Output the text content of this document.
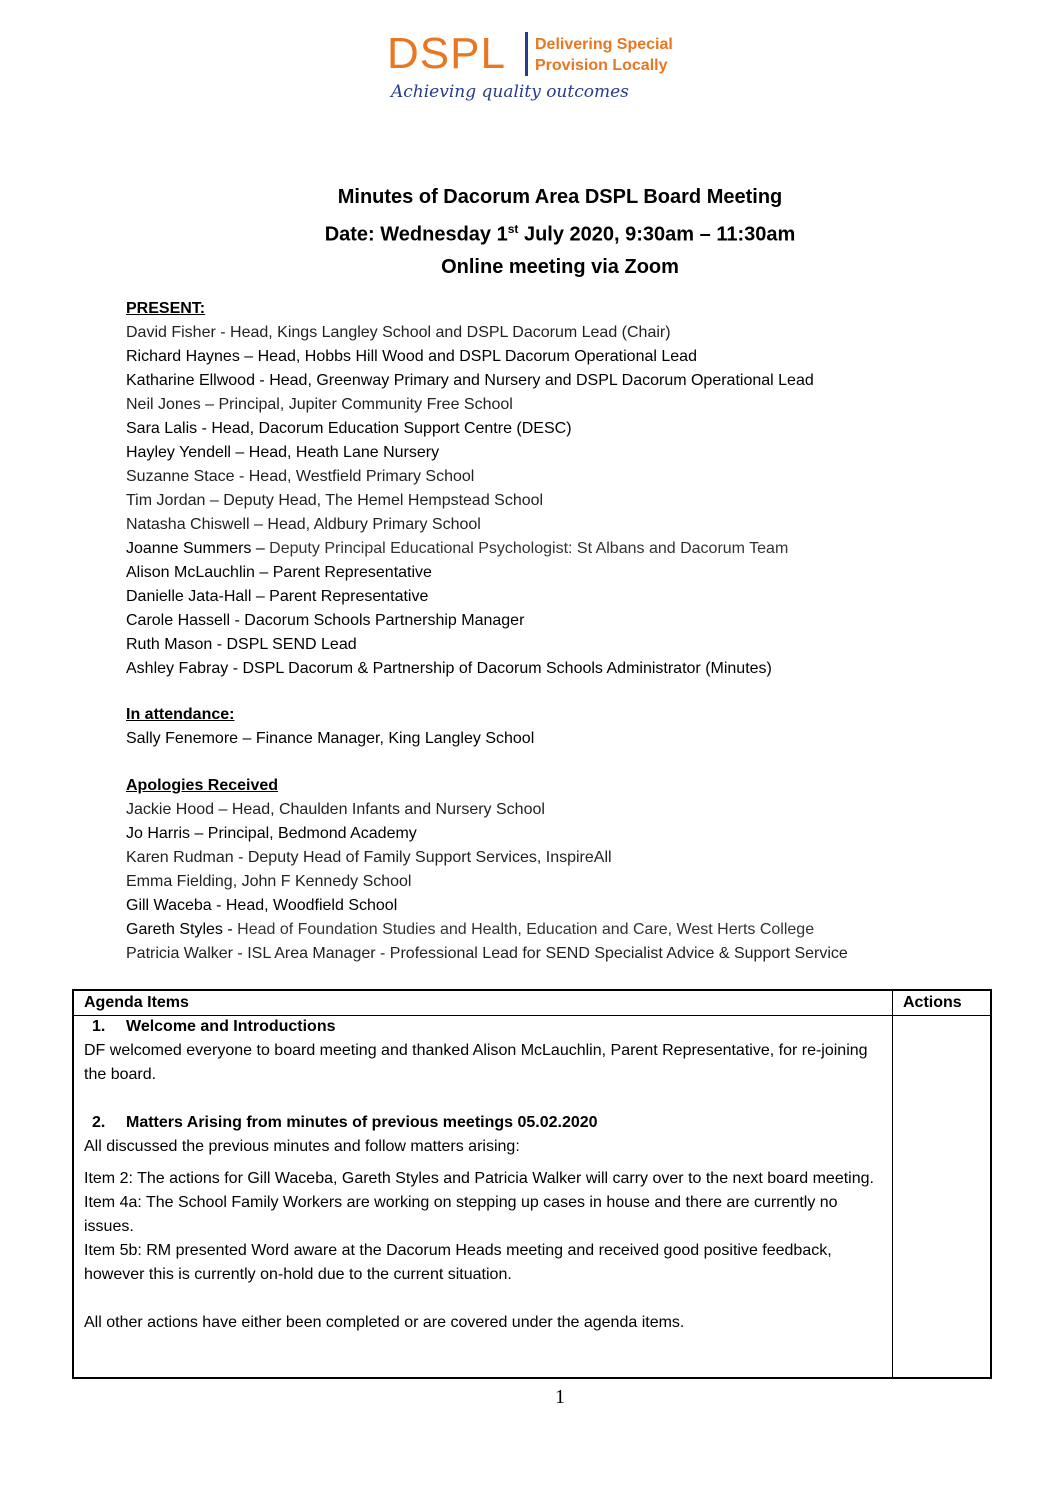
DSPL Delivering Special
Provision Locally
Achieving quality outcomes
Minutes of Dacorum Area DSPL Board Meeting
Date: Wednesday 1st July 2020, 9:30am – 11:30am
Online meeting via Zoom

PRESENT:

David Fisher - Head, Kings Langley School and DSPL Dacorum Lead (Chair)

Richard Haynes – Head, Hobbs Hill Wood and DSPL Dacorum Operational Lead

Katharine Ellwood - Head, Greenway Primary and Nursery and DSPL Dacorum Operational Lead

Neil Jones – Principal, Jupiter Community Free School

Sara Lalis - Head, Dacorum Education Support Centre (DESC)

Hayley Yendell – Head, Heath Lane Nursery

Suzanne Stace - Head, Westfield Primary School

Tim Jordan – Deputy Head, The Hemel Hempstead School

Natasha Chiswell – Head, Aldbury Primary School

Joanne Summers – Deputy Principal Educational Psychologist: St Albans and Dacorum Team

Alison McLauchlin – Parent Representative

Danielle Jata-Hall – Parent Representative

Carole Hassell - Dacorum Schools Partnership Manager

Ruth Mason - DSPL SEND Lead

Ashley Fabray - DSPL Dacorum & Partnership of Dacorum Schools Administrator (Minutes)

In attendance:

Sally Fenemore – Finance Manager, King Langley School

Apologies Received

Jackie Hood – Head, Chaulden Infants and Nursery School

Jo Harris – Principal, Bedmond Academy

Karen Rudman - Deputy Head of Family Support Services, InspireAll

Emma Fielding, John F Kennedy School

Gill Waceba - Head, Woodfield School

Gareth Styles - Head of Foundation Studies and Health, Education and Care, West Herts College

Patricia Walker - ISL Area Manager - Professional Lead for SEND Specialist Advice & Support Service

Agenda Items	Actions

1. Welcome and Introductions

DF welcomed everyone to board meeting and thanked Alison McLauchlin, Parent Representative, for re-joining the board.

2. Matters Arising from minutes of previous meetings 05.02.2020

All discussed the previous minutes and follow matters arising:

Item 2: The actions for Gill Waceba, Gareth Styles and Patricia Walker will carry over to the next board meeting.

Item 4a: The School Family Workers are working on stepping up cases in house and there are currently no issues.

Item 5b: RM presented Word aware at the Dacorum Heads meeting and received good positive feedback, however this is currently on-hold due to the current situation.

All other actions have either been completed or are covered under the agenda items.

1
